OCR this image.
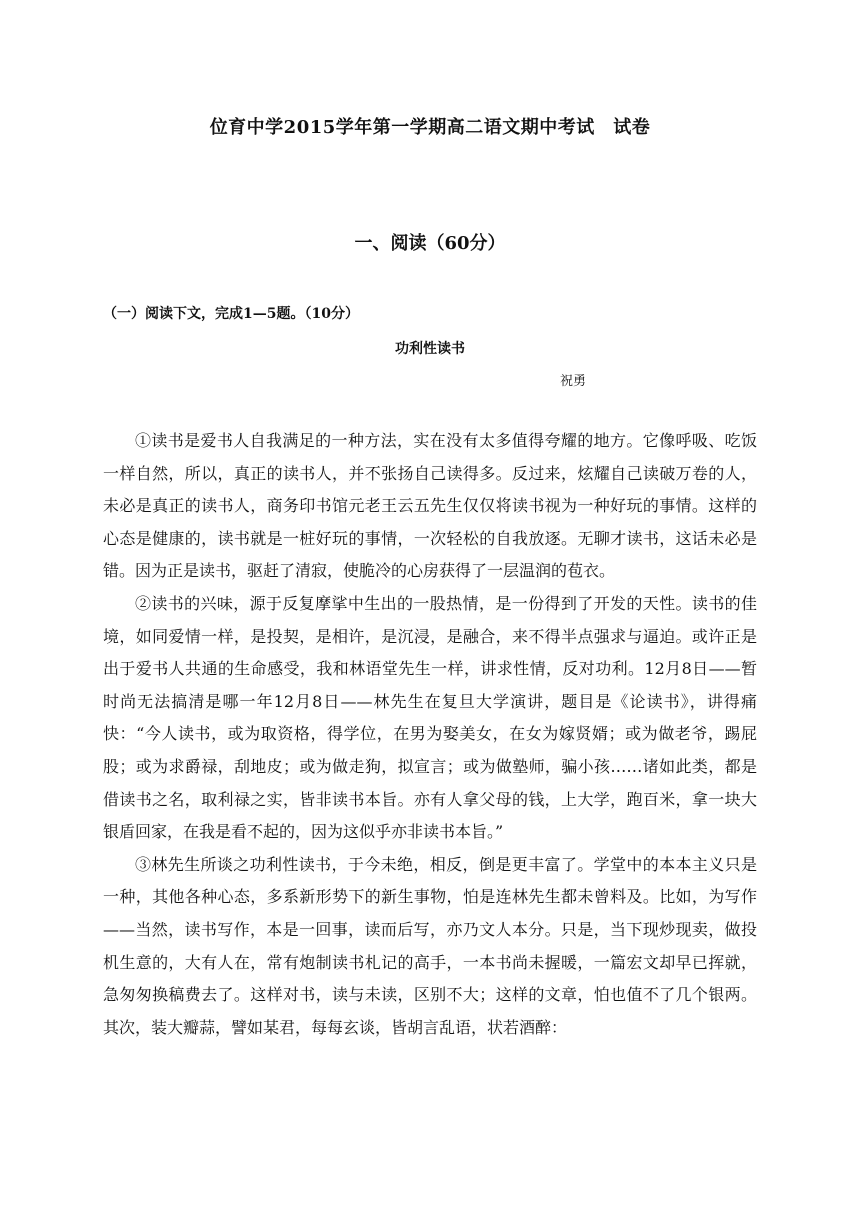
位育中学2015学年第一学期高二语文期中考试　试卷
一、阅读（60分）
（一）阅读下文，完成1—5题。（10分）
功利性读书
祝勇

①读书是爱书人自我满足的一种方法，实在没有太多值得夸耀的地方。它像呼吸、吃饭一样自然，所以，真正的读书人，并不张扬自己读得多。反过来，炫耀自己读破万卷的人，未必是真正的读书人，商务印书馆元老王云五先生仅仅将读书视为一种好玩的事情。这样的心态是健康的，读书就是一桩好玩的事情，一次轻松的自我放逐。无聊才读书，这话未必是错。因为正是读书，驱赶了清寂，使脆冷的心房获得了一层温润的苞衣。

②读书的兴味，源于反复摩挲中生出的一股热情，是一份得到了开发的天性。读书的佳境，如同爱情一样，是投契，是相许，是沉浸，是融合，来不得半点强求与逼迫。或许正是出于爱书人共通的生命感受，我和林语堂先生一样，讲求性情，反对功利。12月8日——暂时尚无法搞清是哪一年12月8日——林先生在复旦大学演讲，题目是《论读书》，讲得痛快：“今人读书，或为取资格，得学位，在男为娶美女，在女为嫁贤婿；或为做老爷，踢屁股；或为求爵禄，刮地皮；或为做走狗，拟宣言；或为做塾师，骗小孩……诸如此类，都是借读书之名，取利禄之实，皆非读书本旨。亦有人拿父母的钱，上大学，跑百米，拿一块大银盾回家，在我是看不起的，因为这似乎亦非读书本旨。”

③林先生所谈之功利性读书，于今未绝，相反，倒是更丰富了。学堂中的本本主义只是一种，其他各种心态，多系新形势下的新生事物，怕是连林先生都未曾料及。比如，为写作——当然，读书写作，本是一回事，读而后写，亦乃文人本分。只是，当下现炒现卖，做投机生意的，大有人在，常有炮制读书札记的高手，一本书尚未握暖，一篇宏文却早已挥就，急匆匆换稿费去了。这样对书，读与未读，区别不大；这样的文章，怕也值不了几个银两。其次，装大瓣蒜，譬如某君，每每玄谈，皆胡言乱语，状若酒醉：
